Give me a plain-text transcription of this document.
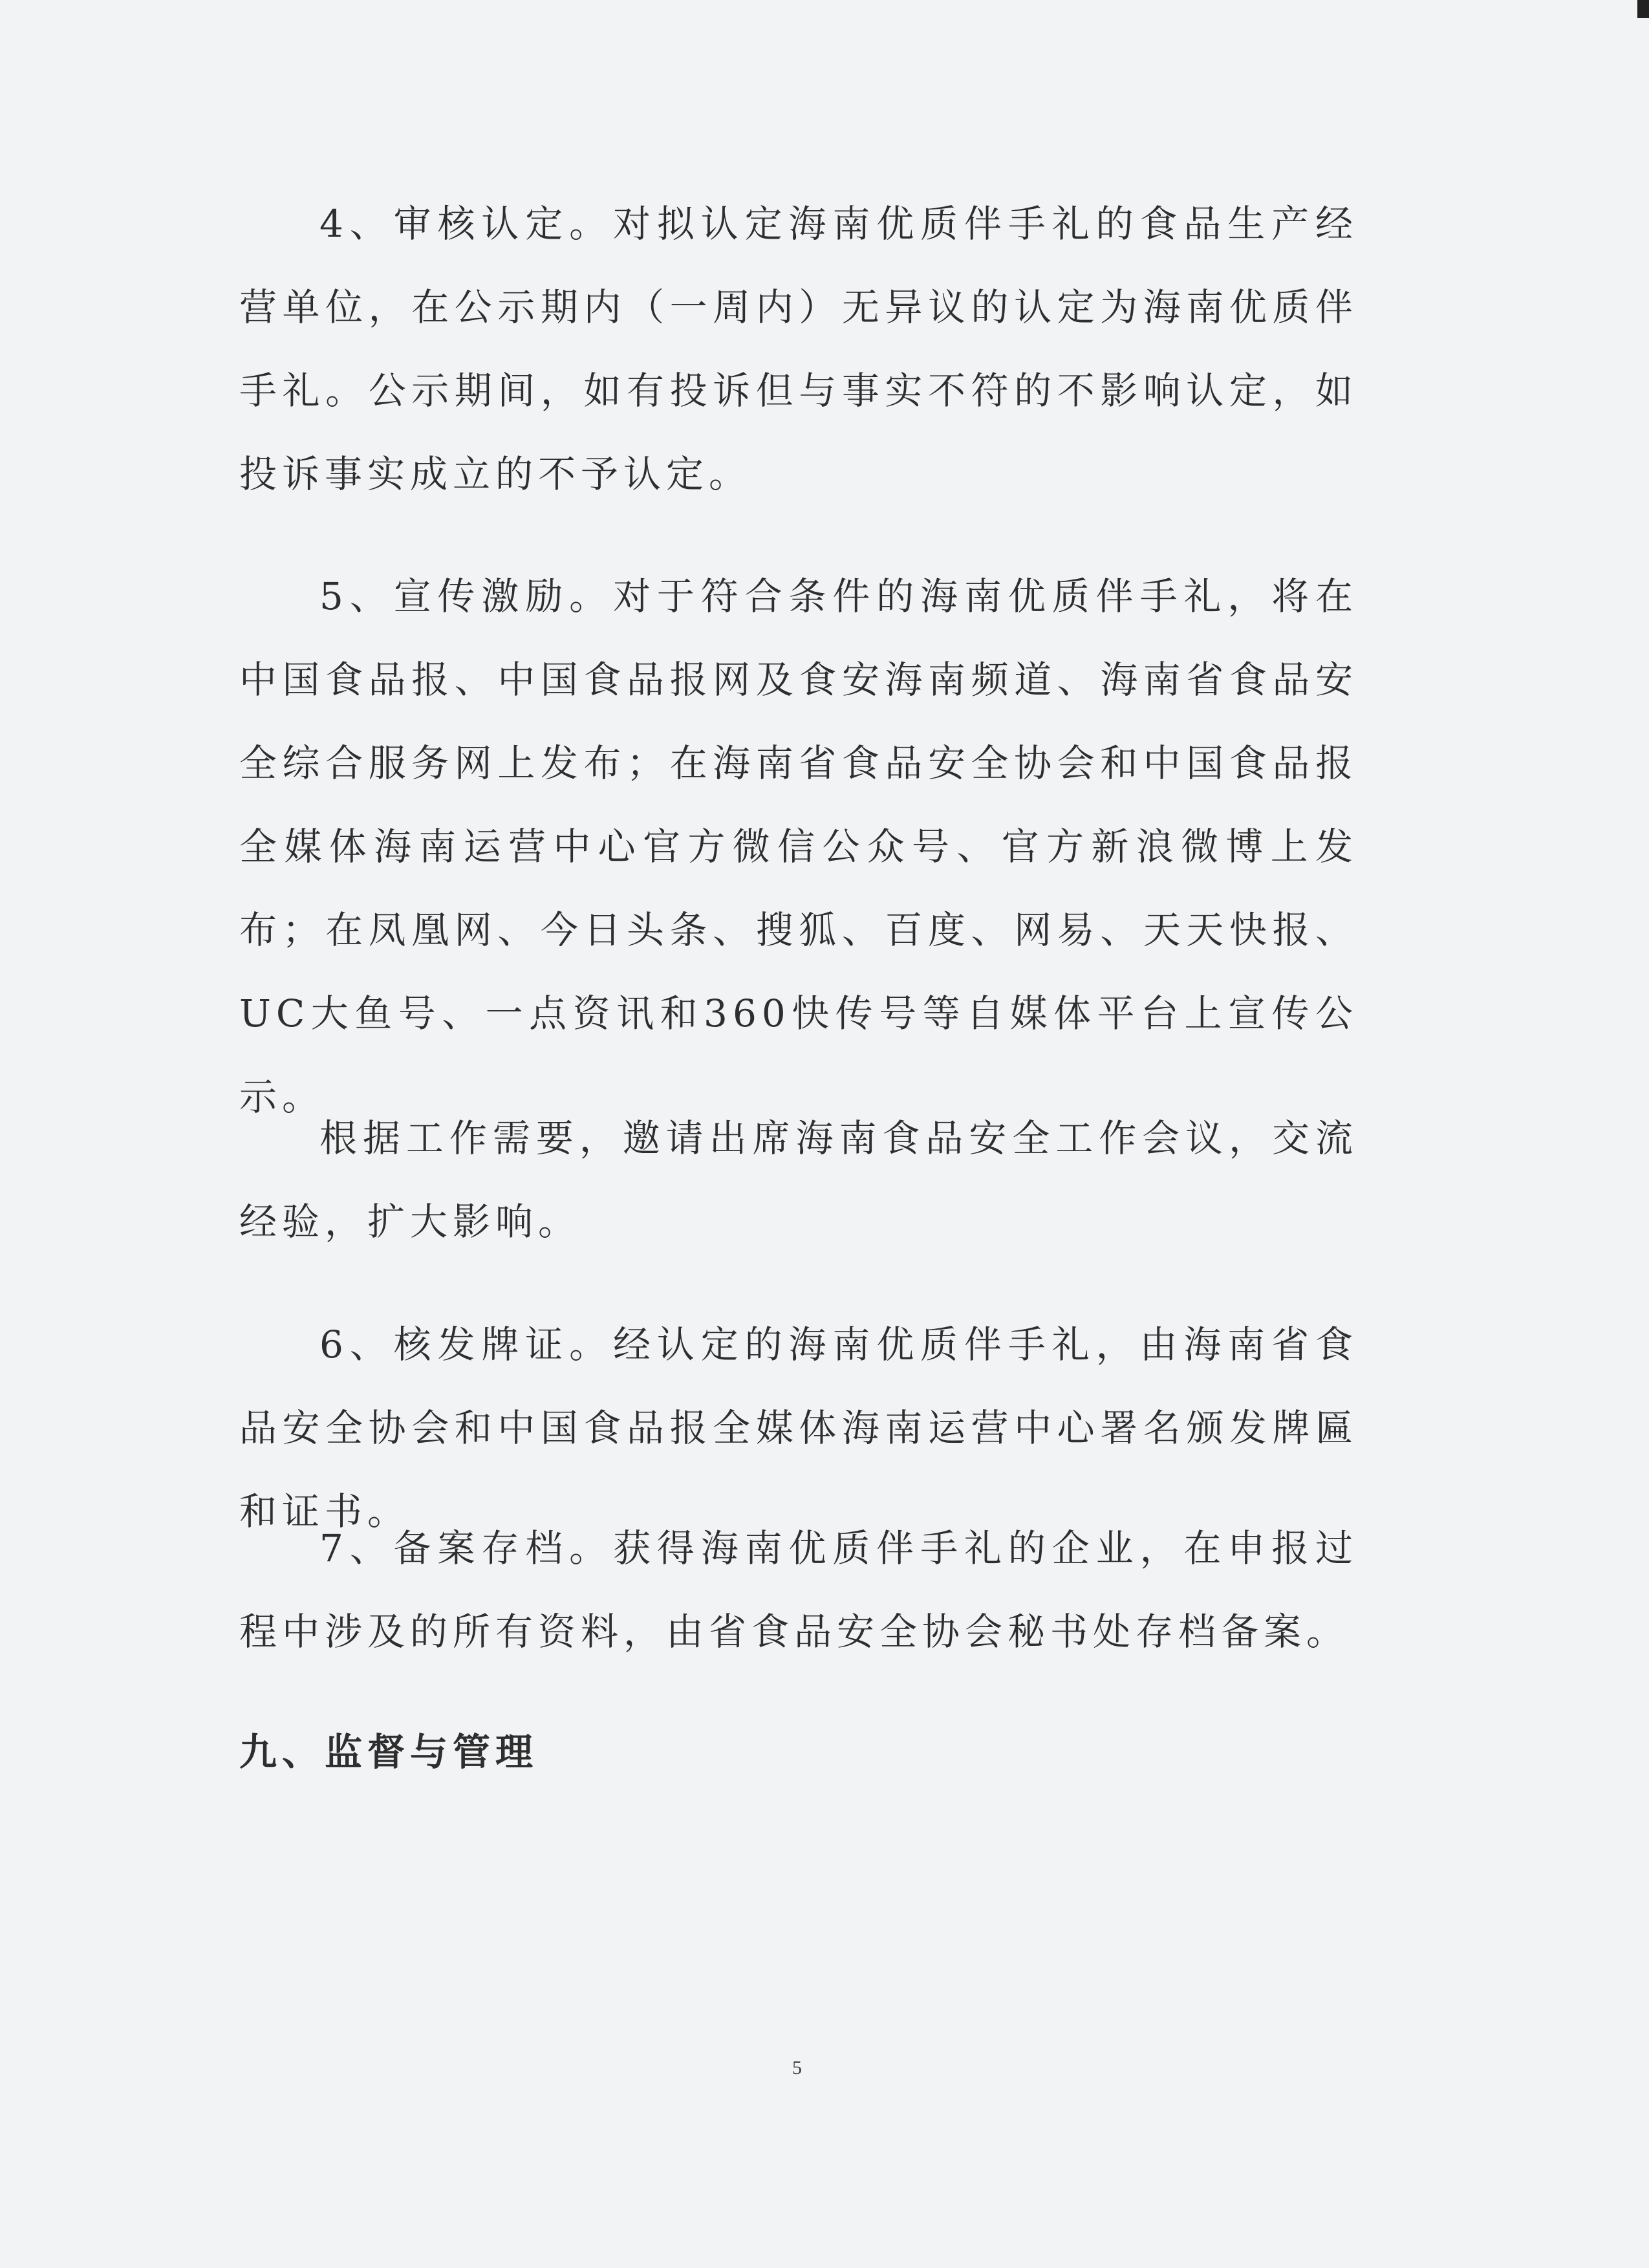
4、审核认定。对拟认定海南优质伴手礼的食品生产经营单位，在公示期内（一周内）无异议的认定为海南优质伴手礼。公示期间，如有投诉但与事实不符的不影响认定，如投诉事实成立的不予认定。

5、宣传激励。对于符合条件的海南优质伴手礼，将在中国食品报、中国食品报网及食安海南频道、海南省食品安全综合服务网上发布；在海南省食品安全协会和中国食品报全媒体海南运营中心官方微信公众号、官方新浪微博上发布；在凤凰网、今日头条、搜狐、百度、网易、天天快报、UC大鱼号、一点资讯和360快传号等自媒体平台上宣传公示。

根据工作需要，邀请出席海南食品安全工作会议，交流经验，扩大影响。

6、核发牌证。经认定的海南优质伴手礼，由海南省食品安全协会和中国食品报全媒体海南运营中心署名颁发牌匾和证书。

7、备案存档。获得海南优质伴手礼的企业，在申报过程中涉及的所有资料，由省食品安全协会秘书处存档备案。

九、监督与管理
5
